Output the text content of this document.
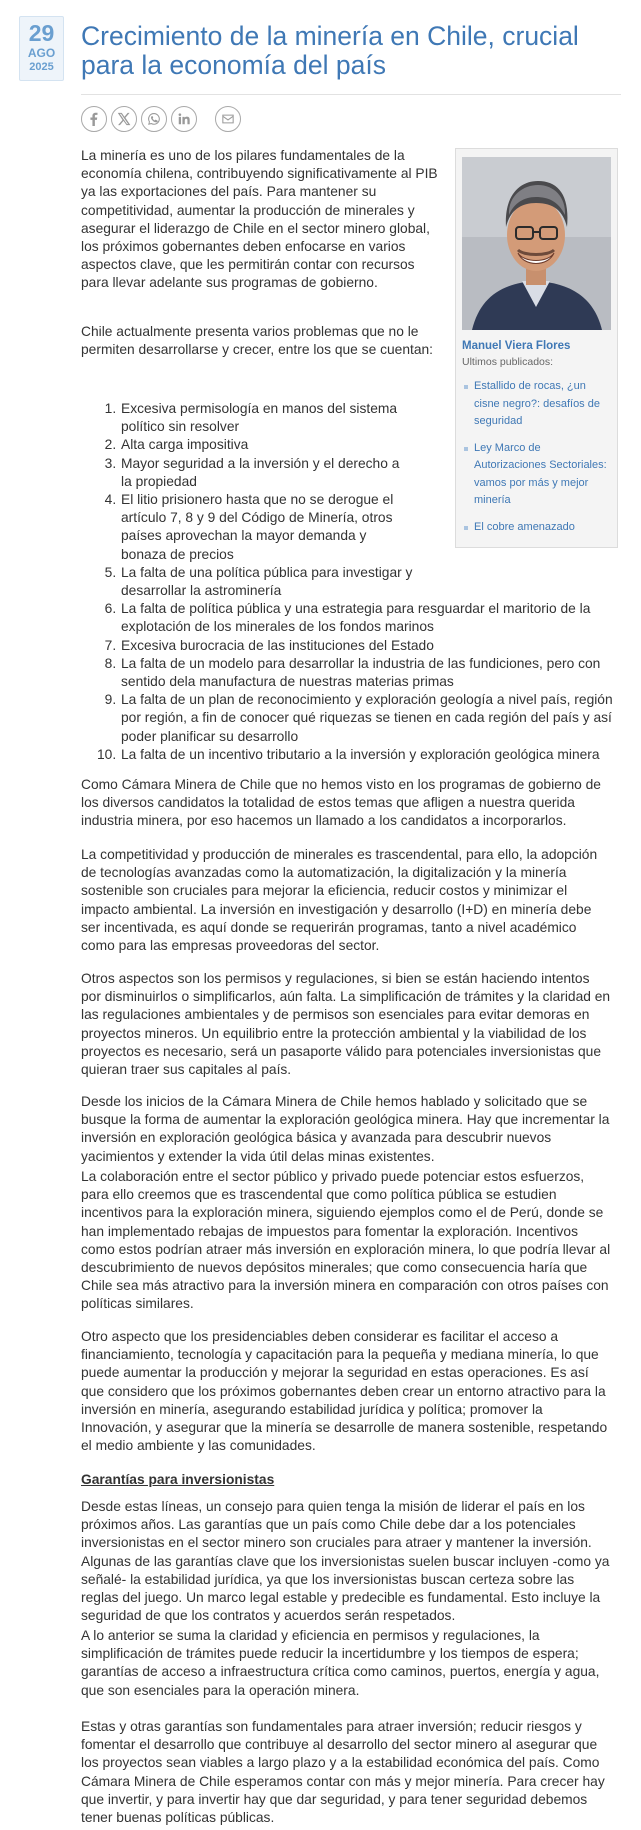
29
AGO
2025
Crecimiento de la minería en Chile, crucial para la economía del país

Manuel Viera Flores

Ultimos publicados:

Estallido de rocas, ¿un cisne negro?: desafíos de seguridad
Ley Marco de Autorizaciones Sectoriales: vamos por más y mejor minería
El cobre amenazado

La minería es uno de los pilares fundamentales de la economía chilena, contribuyendo significativamente al PIB ya las exportaciones del país. Para mantener su competitividad, aumentar la producción de minerales y asegurar el liderazgo de Chile en el sector minero global, los próximos gobernantes deben enfocarse en varios aspectos clave, que les permitirán contar con recursos para llevar adelante sus programas de gobierno.

Chile actualmente presenta varios problemas que no le permiten desarrollarse y crecer, entre los que se cuentan:

1. Excesiva permisología en manos del sistema político sin resolver
2. Alta carga impositiva
3. Mayor seguridad a la inversión y el derecho a la propiedad
4. El litio prisionero hasta que no se derogue el artículo 7, 8 y 9 del Código de Minería, otros países aprovechan la mayor demanda y bonaza de precios
5. La falta de una política pública para investigar y desarrollar la astrominería
6. La falta de política pública y una estrategia para resguardar el maritorio de la explotación de los minerales de los fondos marinos
7. Excesiva burocracia de las instituciones del Estado
8. La falta de un modelo para desarrollar la industria de las fundiciones, pero con sentido dela manufactura de nuestras materias primas
9. La falta de un plan de reconocimiento y exploración geología a nivel país, región por región, a fin de conocer qué riquezas se tienen en cada región del país y así poder planificar su desarrollo
10. La falta de un incentivo tributario a la inversión y exploración geológica minera

Como Cámara Minera de Chile que no hemos visto en los programas de gobierno de los diversos candidatos la totalidad de estos temas que afligen a nuestra querida industria minera, por eso hacemos un llamado a los candidatos a incorporarlos.

La competitividad y producción de minerales es trascendental, para ello, la adopción de tecnologías avanzadas como la automatización, la digitalización y la minería sostenible son cruciales para mejorar la eficiencia, reducir costos y minimizar el impacto ambiental. La inversión en investigación y desarrollo (I+D) en minería debe ser incentivada, es aquí donde se requerirán programas, tanto a nivel académico como para las empresas proveedoras del sector.

Otros aspectos son los permisos y regulaciones, si bien se están haciendo intentos por disminuirlos o simplificarlos, aún falta. La simplificación de trámites y la claridad en las regulaciones ambientales y de permisos son esenciales para evitar demoras en proyectos mineros. Un equilibrio entre la protección ambiental y la viabilidad de los proyectos es necesario, será un pasaporte válido para potenciales inversionistas que quieran traer sus capitales al país.

Desde los inicios de la Cámara Minera de Chile hemos hablado y solicitado que se busque la forma de aumentar la exploración geológica minera. Hay que incrementar la inversión en exploración geológica básica y avanzada para descubrir nuevos yacimientos y extender la vida útil delas minas existentes.

La colaboración entre el sector público y privado puede potenciar estos esfuerzos, para ello creemos que es trascendental que como política pública se estudien incentivos para la exploración minera, siguiendo ejemplos como el de Perú, donde se han implementado rebajas de impuestos para fomentar la exploración. Incentivos como estos podrían atraer más inversión en exploración minera, lo que podría llevar al descubrimiento de nuevos depósitos minerales; que como consecuencia haría que Chile sea más atractivo para la inversión minera en comparación con otros países con políticas similares.

Otro aspecto que los presidenciables deben considerar es facilitar el acceso a financiamiento, tecnología y capacitación para la pequeña y mediana minería, lo que puede aumentar la producción y mejorar la seguridad en estas operaciones. Es así que considero que los próximos gobernantes deben crear un entorno atractivo para la inversión en minería, asegurando estabilidad jurídica y política; promover la Innovación, y asegurar que la minería se desarrolle de manera sostenible, respetando el medio ambiente y las comunidades.

Garantías para inversionistas

Desde estas líneas, un consejo para quien tenga la misión de liderar el país en los próximos años. Las garantías que un país como Chile debe dar a los potenciales inversionistas en el sector minero son cruciales para atraer y mantener la inversión. Algunas de las garantías clave que los inversionistas suelen buscar incluyen -como ya señalé- la estabilidad jurídica, ya que los inversionistas buscan certeza sobre las reglas del juego. Un marco legal estable y predecible es fundamental. Esto incluye la seguridad de que los contratos y acuerdos serán respetados.

A lo anterior se suma la claridad y eficiencia en permisos y regulaciones, la simplificación de trámites puede reducir la incertidumbre y los tiempos de espera; garantías de acceso a infraestructura crítica como caminos, puertos, energía y agua, que son esenciales para la operación minera.

Estas y otras garantías son fundamentales para atraer inversión; reducir riesgos y fomentar el desarrollo que contribuye al desarrollo del sector minero al asegurar que los proyectos sean viables a largo plazo y a la estabilidad económica del país. Como Cámara Minera de Chile esperamos contar con más y mejor minería. Para crecer hay que invertir, y para invertir hay que dar seguridad, y para tener seguridad debemos tener buenas políticas públicas.
